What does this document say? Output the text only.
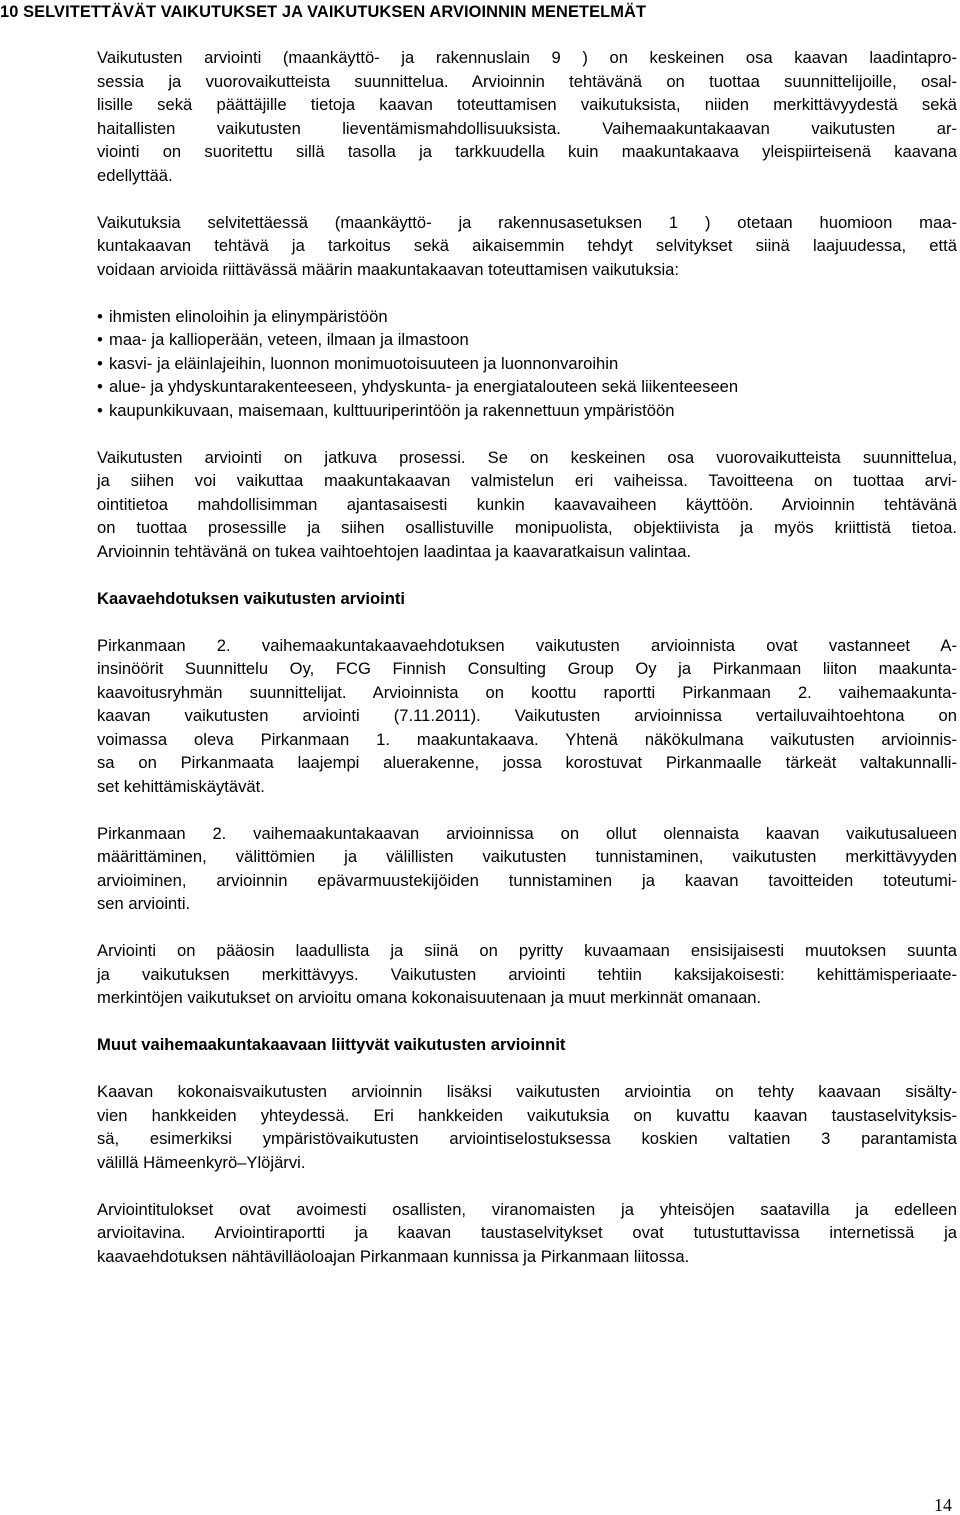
10 SELVITETTÄVÄT VAIKUTUKSET JA VAIKUTUKSEN ARVIOINNIN MENETELMÄT

Vaikutusten arviointi (maankäyttö- ja rakennuslain 9 ) on keskeinen osa kaavan laadintapro-
sessia ja vuorovaikutteista suunnittelua. Arvioinnin tehtävänä on tuottaa suunnittelijoille, osal-
lisille sekä päättäjille tietoja kaavan toteuttamisen vaikutuksista, niiden merkittävyydestä sekä
haitallisten vaikutusten lieventämismahdollisuuksista. Vaihemaakuntakaavan vaikutusten ar-
viointi on suoritettu sillä tasolla ja tarkkuudella kuin maakuntakaava yleispiirteisenä kaavana
edellyttää.

Vaikutuksia selvitettäessä (maankäyttö- ja rakennusasetuksen 1 ) otetaan huomioon maa-
kuntakaavan tehtävä ja tarkoitus sekä aikaisemmin tehdyt selvitykset siinä laajuudessa, että
voidaan arvioida riittävässä määrin maakuntakaavan toteuttamisen vaikutuksia:

• ihmisten elinoloihin ja elinympäristöön
• maa- ja kallioperään, veteen, ilmaan ja ilmastoon
• kasvi- ja eläinlajeihin, luonnon monimuotoisuuteen ja luonnonvaroihin
• alue- ja yhdyskuntarakenteeseen, yhdyskunta- ja energiatalouteen sekä liikenteeseen
• kaupunkikuvaan, maisemaan, kulttuuriperintöön ja rakennettuun ympäristöön

Vaikutusten arviointi on jatkuva prosessi. Se on keskeinen osa vuorovaikutteista suunnittelua,
ja siihen voi vaikuttaa maakuntakaavan valmistelun eri vaiheissa. Tavoitteena on tuottaa arvi-
ointitietoa mahdollisimman ajantasaisesti kunkin kaavavaiheen käyttöön. Arvioinnin tehtävänä
on tuottaa prosessille ja siihen osallistuville monipuolista, objektiivista ja myös kriittistä tietoa.
Arvioinnin tehtävänä on tukea vaihtoehtojen laadintaa ja kaavaratkaisun valintaa.

Kaavaehdotuksen vaikutusten arviointi

Pirkanmaan 2. vaihemaakuntakaavaehdotuksen vaikutusten arvioinnista ovat vastanneet A-
insinöörit Suunnittelu Oy, FCG Finnish Consulting Group Oy ja Pirkanmaan liiton maakunta-
kaavoitusryhmän suunnittelijat. Arvioinnista on koottu raportti Pirkanmaan 2. vaihemaakunta-
kaavan vaikutusten arviointi (7.11.2011). Vaikutusten arvioinnissa vertailuvaihtoehtona on
voimassa oleva Pirkanmaan 1. maakuntakaava. Yhtenä näkökulmana vaikutusten arvioinnis-
sa on Pirkanmaata laajempi aluerakenne, jossa korostuvat Pirkanmaalle tärkeät valtakunnalli-
set kehittämiskäytävät.

Pirkanmaan 2. vaihemaakuntakaavan arvioinnissa on ollut olennaista kaavan vaikutusalueen
määrittäminen, välittömien ja välillisten vaikutusten tunnistaminen, vaikutusten merkittävyyden
arvioiminen, arvioinnin epävarmuustekijöiden tunnistaminen ja kaavan tavoitteiden toteutumi-
sen arviointi.

Arviointi on pääosin laadullista ja siinä on pyritty kuvaamaan ensisijaisesti muutoksen suunta
ja vaikutuksen merkittävyys. Vaikutusten arviointi tehtiin kaksijakoisesti: kehittämisperiaate-
merkintöjen vaikutukset on arvioitu omana kokonaisuutenaan ja muut merkinnät omanaan.

Muut vaihemaakuntakaavaan liittyvät vaikutusten arvioinnit

Kaavan kokonaisvaikutusten arvioinnin lisäksi vaikutusten arviointia on tehty kaavaan sisälty-
vien hankkeiden yhteydessä. Eri hankkeiden vaikutuksia on kuvattu kaavan taustaselvityksis-
sä, esimerkiksi ympäristövaikutusten arviointiselostuksessa koskien valtatien 3 parantamista
välillä Hämeenkyrö–Ylöjärvi.

Arviointitulokset ovat avoimesti osallisten, viranomaisten ja yhteisöjen saatavilla ja edelleen
arvioitavina. Arviointiraportti ja kaavan taustaselvitykset ovat tutustuttavissa internetissä ja
kaavaehdotuksen nähtävilläoloajan Pirkanmaan kunnissa ja Pirkanmaan liitossa.

14
